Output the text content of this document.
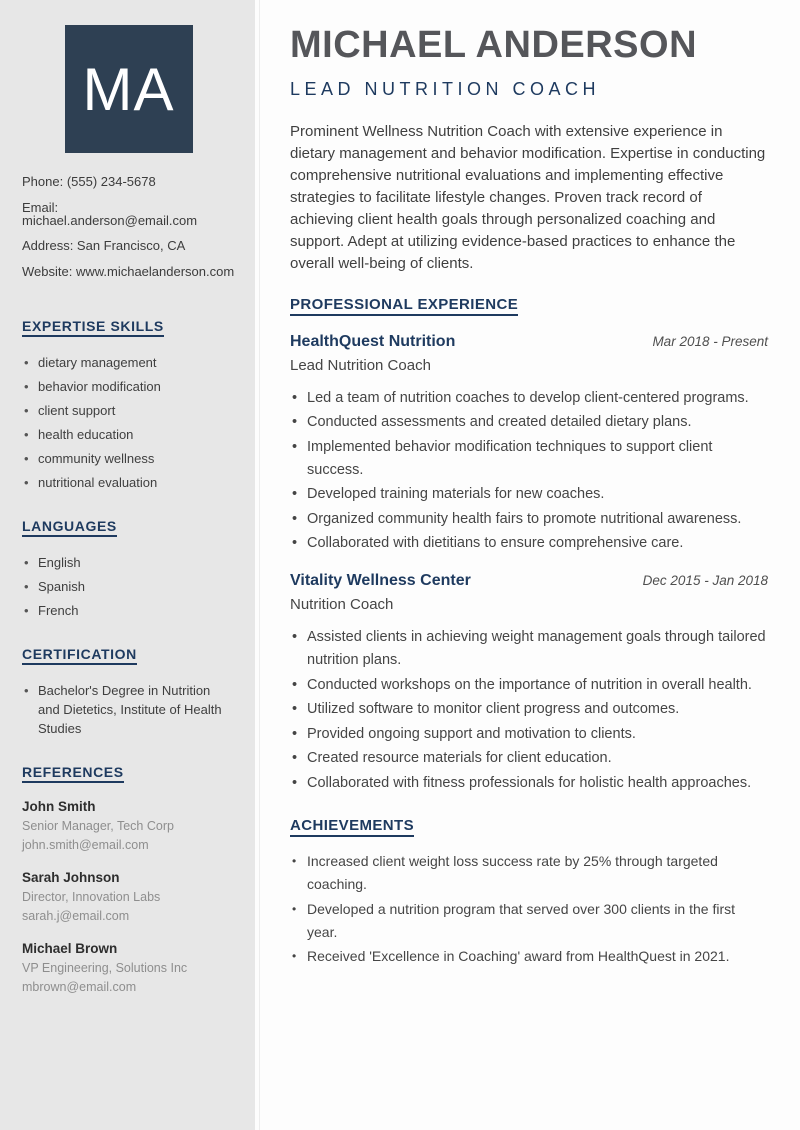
MA

Phone: (555) 234-5678

Email: michael.anderson@email.com

Address: San Francisco, CA

Website: www.michaelanderson.com

EXPERTISE SKILLS
• dietary management
• behavior modification
• client support
• health education
• community wellness
• nutritional evaluation
LANGUAGES
• English
• Spanish
• French
CERTIFICATION
• Bachelor's Degree in Nutrition and Dietetics, Institute of Health Studies
REFERENCES
John Smith
Senior Manager, Tech Corp
john.smith@email.com
Sarah Johnson
Director, Innovation Labs
sarah.j@email.com
Michael Brown
VP Engineering, Solutions Inc
mbrown@email.com
MICHAEL ANDERSON
LEAD NUTRITION COACH

Prominent Wellness Nutrition Coach with extensive experience in dietary management and behavior modification. Expertise in conducting comprehensive nutritional evaluations and implementing effective strategies to facilitate lifestyle changes. Proven track record of achieving client health goals through personalized coaching and support. Adept at utilizing evidence-based practices to enhance the overall well-being of clients.

PROFESSIONAL EXPERIENCE
HealthQuest Nutrition	Mar 2018 - Present
Lead Nutrition Coach
• Led a team of nutrition coaches to develop client-centered programs.
• Conducted assessments and created detailed dietary plans.
• Implemented behavior modification techniques to support client success.
• Developed training materials for new coaches.
• Organized community health fairs to promote nutritional awareness.
• Collaborated with dietitians to ensure comprehensive care.
Vitality Wellness Center	Dec 2015 - Jan 2018
Nutrition Coach
• Assisted clients in achieving weight management goals through tailored nutrition plans.
• Conducted workshops on the importance of nutrition in overall health.
• Utilized software to monitor client progress and outcomes.
• Provided ongoing support and motivation to clients.
• Created resource materials for client education.
• Collaborated with fitness professionals for holistic health approaches.
ACHIEVEMENTS
• Increased client weight loss success rate by 25% through targeted coaching.
• Developed a nutrition program that served over 300 clients in the first year.
• Received 'Excellence in Coaching' award from HealthQuest in 2021.
